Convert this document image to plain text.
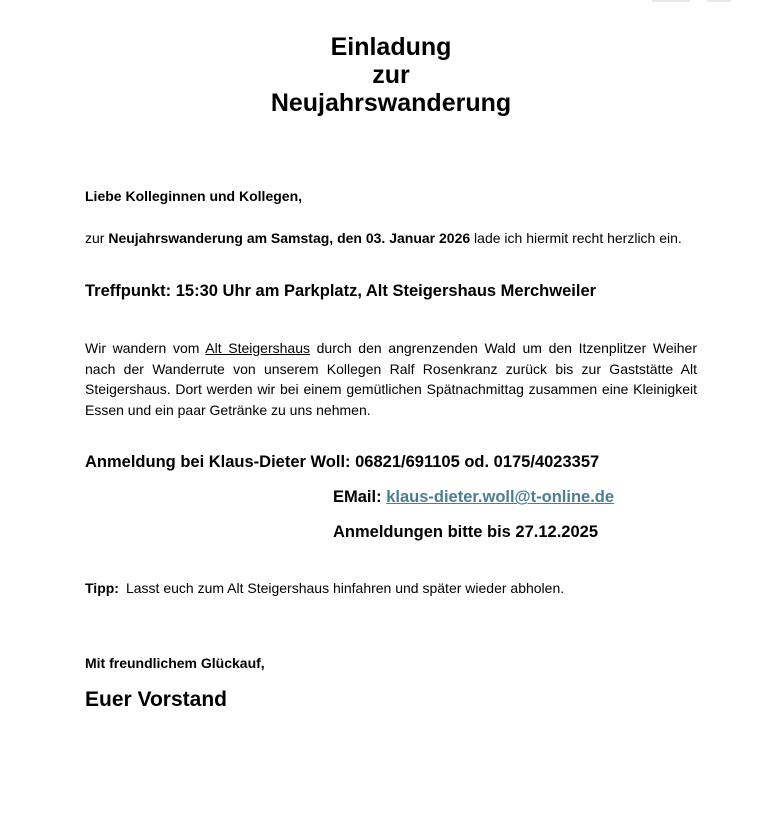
Einladung
zur
Neujahrswanderung

Liebe Kolleginnen und Kollegen,

zur Neujahrswanderung am Samstag, den 03. Januar 2026 lade ich hiermit recht herzlich ein.

Treffpunkt: 15:30 Uhr am Parkplatz, Alt Steigershaus Merchweiler

Wir wandern vom Alt Steigershaus durch den angrenzenden Wald um den Itzenplitzer Weiher nach der Wanderrute von unserem Kollegen Ralf Rosenkranz zurück bis zur Gaststätte Alt Steigershaus. Dort werden wir bei einem gemütlichen Spätnachmittag zusammen eine Kleinigkeit Essen und ein paar Getränke zu uns nehmen.

Anmeldung bei Klaus-Dieter Woll: 06821/691105 od. 0175/4023357

EMail: klaus-dieter.woll@t-online.de

Anmeldungen bitte bis 27.12.2025

Tipp: Lasst euch zum Alt Steigershaus hinfahren und später wieder abholen.

Mit freundlichem Glückauf,

Euer Vorstand
